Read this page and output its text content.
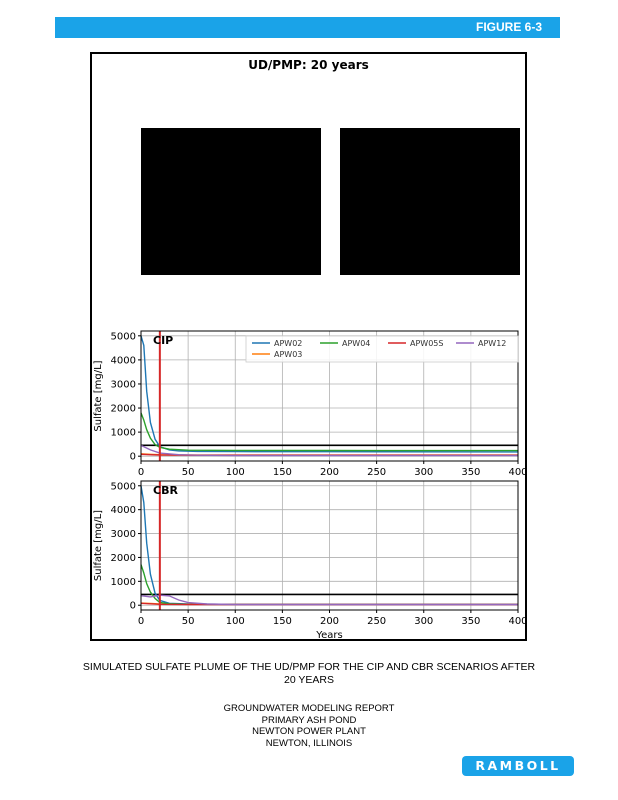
FIGURE 6-3
UD/PMP: 20 years
0	50	100	150	200	250	300	350	400
0
1000
2000
3000
4000
5000
Sulfate [mg/L]
CIP	APW02	APW04	APW05S	APW12
APW03
0	50	100	150	200	250	300	350	400
0
1000
2000
3000
4000
5000
Sulfate [mg/L]
Years
CBR
SIMULATED SULFATE PLUME OF THE UD/PMP FOR THE CIP AND CBR SCENARIOS AFTER
20 YEARS
GROUNDWATER MODELING REPORT
PRIMARY ASH POND
NEWTON POWER PLANT
NEWTON, ILLINOIS
RAMBOLL
